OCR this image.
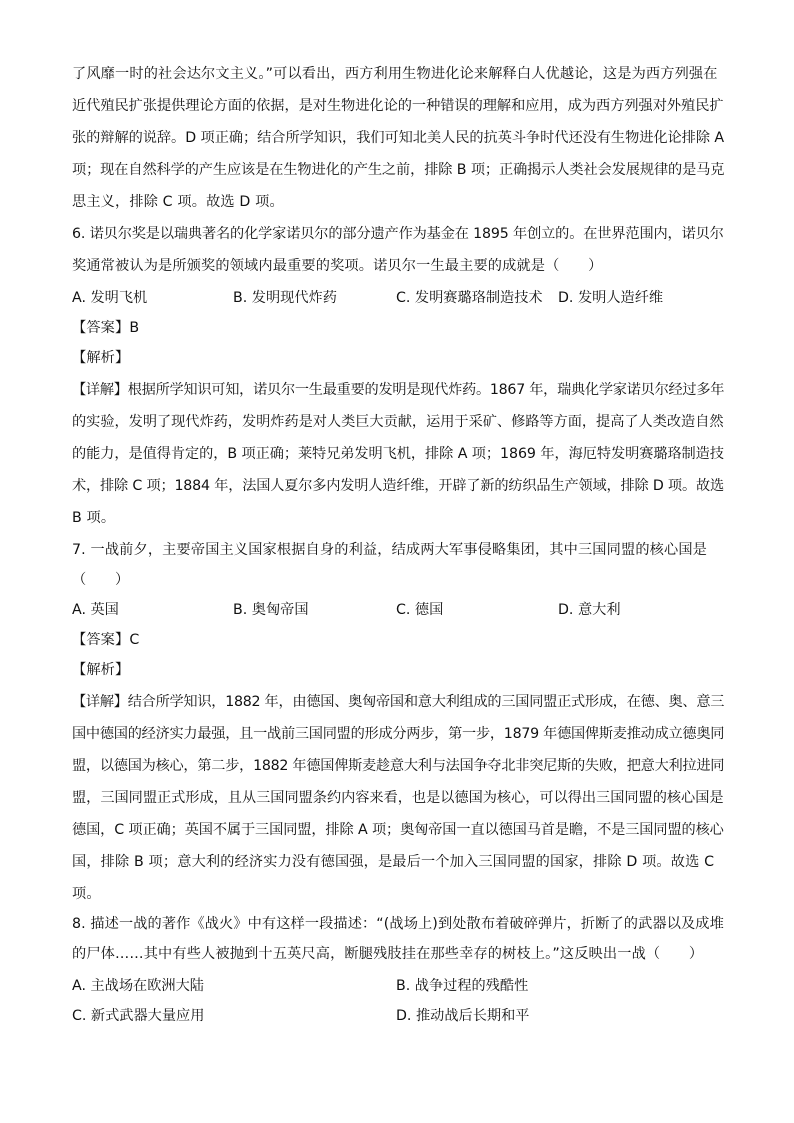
了风靡一时的社会达尔文主义。”可以看出，西方利用生物进化论来解释白人优越论，这是为西方列强在
近代殖民扩张提供理论方面的依据，是对生物进化论的一种错误的理解和应用，成为西方列强对外殖民扩
张的辩解的说辞。D 项正确；结合所学知识，我们可知北美人民的抗英斗争时代还没有生物进化论排除 A
项；现在自然科学的产生应该是在生物进化的产生之前，排除 B 项；正确揭示人类社会发展规律的是马克
思主义，排除 C 项。故选 D 项。
6. 诺贝尔奖是以瑞典著名的化学家诺贝尔的部分遗产作为基金在 1895 年创立的。在世界范围内，诺贝尔
奖通常被认为是所颁奖的领域内最重要的奖项。诺贝尔一生最主要的成就是（　　）
A. 发明飞机	B. 发明现代炸药	C. 发明赛璐珞制造技术 D. 发明人造纤维
【答案】B
【解析】
【详解】根据所学知识可知，诺贝尔一生最重要的发明是现代炸药。1867 年，瑞典化学家诺贝尔经过多年
的实验，发明了现代炸药，发明炸药是对人类巨大贡献，运用于采矿、修路等方面，提高了人类改造自然
的能力，是值得肯定的，B 项正确；莱特兄弟发明飞机，排除 A 项；1869 年，海厄特发明赛璐珞制造技
术，排除 C 项；1884 年，法国人夏尔多内发明人造纤维，开辟了新的纺织品生产领域，排除 D 项。故选
B 项。
7. 一战前夕，主要帝国主义国家根据自身的利益，结成两大军事侵略集团，其中三国同盟的核心国是
（　　）
A. 英国	B. 奥匈帝国	C. 德国	D. 意大利
【答案】C
【解析】
【详解】结合所学知识，1882 年，由德国、奥匈帝国和意大利组成的三国同盟正式形成，在德、奥、意三
国中德国的经济实力最强，且一战前三国同盟的形成分两步，第一步，1879 年德国俾斯麦推动成立德奥同
盟，以德国为核心，第二步，1882 年德国俾斯麦趁意大利与法国争夺北非突尼斯的失败，把意大利拉进同
盟，三国同盟正式形成，且从三国同盟条约内容来看，也是以德国为核心，可以得出三国同盟的核心国是
德国，C 项正确；英国不属于三国同盟，排除 A 项；奥匈帝国一直以德国马首是瞻，不是三国同盟的核心
国，排除 B 项；意大利的经济实力没有德国强，是最后一个加入三国同盟的国家，排除 D 项。故选 C
项。
8. 描述一战的著作《战火》中有这样一段描述：“(战场上)到处散布着破碎弹片，折断了的武器以及成堆
的尸体……其中有些人被抛到十五英尺高，断腿残肢挂在那些幸存的树枝上。”这反映出一战（　　）
A. 主战场在欧洲大陆	B. 战争过程的残酷性
C. 新式武器大量应用	D. 推动战后长期和平
